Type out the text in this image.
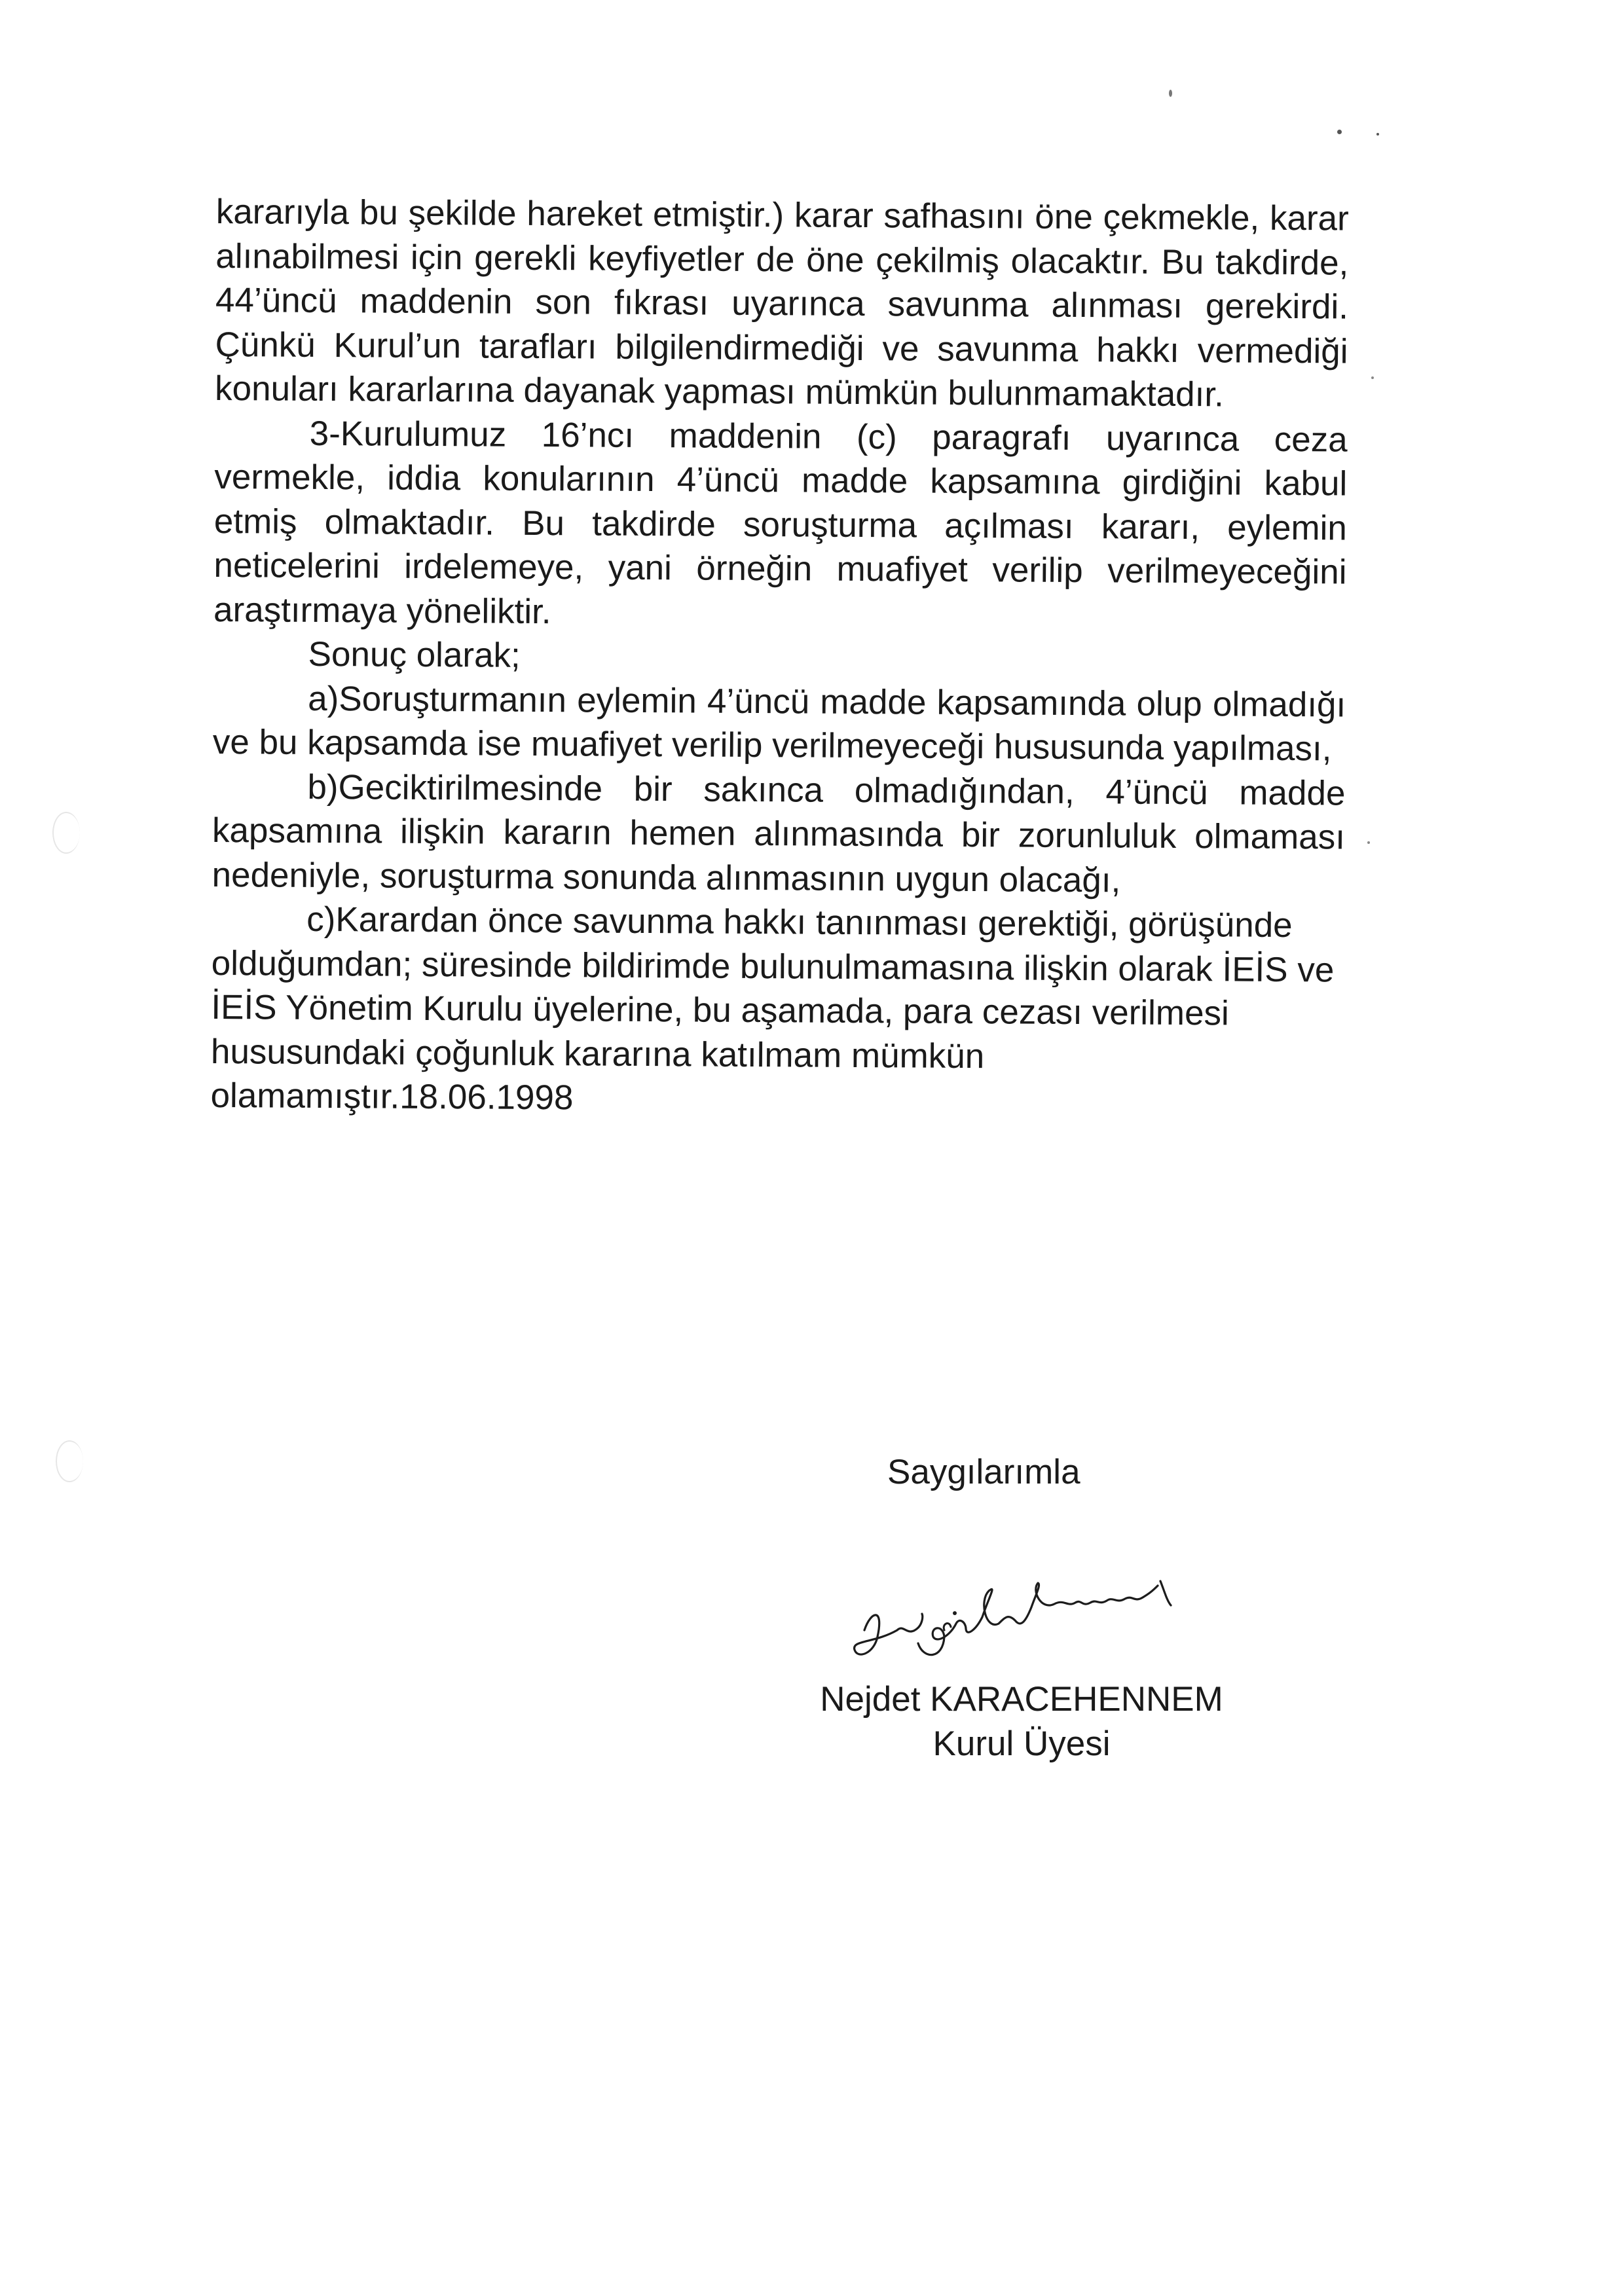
kararıyla bu şekilde hareket etmiştir.) karar safhasını öne çekmekle, karar alınabilmesi için gerekli keyfiyetler de öne çekilmiş olacaktır. Bu takdirde, 44’üncü maddenin son fıkrası uyarınca savunma alınması gerekirdi. Çünkü Kurul’un tarafları bilgilendirmediği ve savunma hakkı vermediği konuları kararlarına dayanak yapması mümkün bulunmamaktadır.

3-Kurulumuz 16’ncı maddenin (c) paragrafı uyarınca ceza vermekle, iddia konularının 4’üncü madde kapsamına girdiğini kabul etmiş olmaktadır. Bu takdirde soruşturma açılması kararı, eylemin neticelerini irdelemeye, yani örneğin muafiyet verilip verilmeyeceğini araştırmaya yöneliktir.

Sonuç olarak;

a)Soruşturmanın eylemin 4’üncü madde kapsamında olup olmadığı ve bu kapsamda ise muafiyet verilip verilmeyeceği hususunda yapılması,

b)Geciktirilmesinde bir sakınca olmadığından, 4’üncü madde kapsamına ilişkin kararın hemen alınmasında bir zorunluluk olmaması nedeniyle, soruşturma sonunda alınmasının uygun olacağı,

c)Karardan önce savunma hakkı tanınması gerektiği, görüşünde olduğumdan; süresinde bildirimde bulunulmamasına ilişkin olarak İEİS ve İEİS Yönetim Kurulu üyelerine, bu aşamada, para cezası verilmesi hususundaki çoğunluk kararına katılmam mümkün olamamıştır.18.06.1998

Saygılarımla
Nejdet KARACEHENNEM
Kurul Üyesi
